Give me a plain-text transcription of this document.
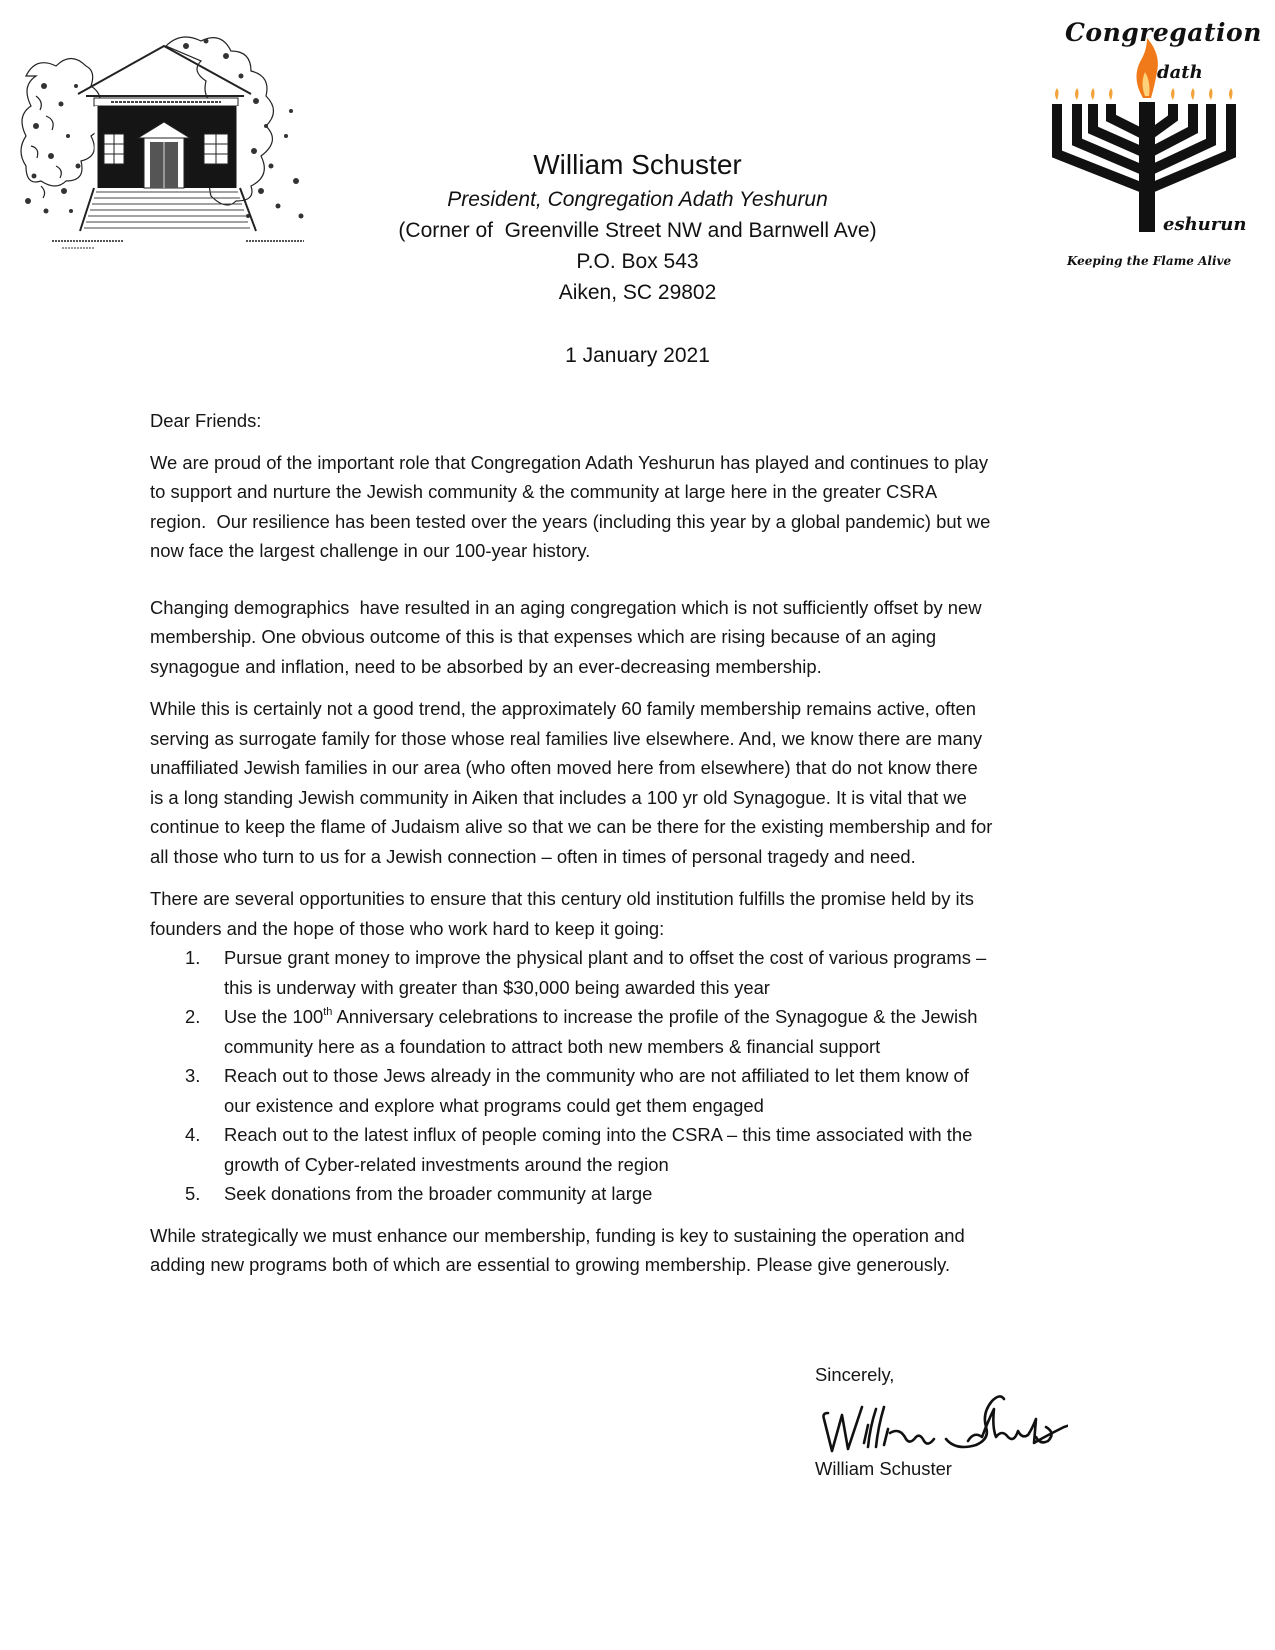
Congregation
dath
eshurun
Keeping the Flame Alive
William Schuster
President, Congregation Adath Yeshurun
(Corner of  Greenville Street NW and Barnwell Ave)
P.O. Box 543
Aiken, SC 29802
1 January 2021
Dear Friends:
We are proud of the important role that Congregation Adath Yeshurun has played and continues to play
to support and nurture the Jewish community & the community at large here in the greater CSRA
region.  Our resilience has been tested over the years (including this year by a global pandemic) but we
now face the largest challenge in our 100-year history.
Changing demographics  have resulted in an aging congregation which is not sufficiently offset by new
membership. One obvious outcome of this is that expenses which are rising because of an aging
synagogue and inflation, need to be absorbed by an ever-decreasing membership.
While this is certainly not a good trend, the approximately 60 family membership remains active, often
serving as surrogate family for those whose real families live elsewhere. And, we know there are many
unaffiliated Jewish families in our area (who often moved here from elsewhere) that do not know there
is a long standing Jewish community in Aiken that includes a 100 yr old Synagogue. It is vital that we
continue to keep the flame of Judaism alive so that we can be there for the existing membership and for
all those who turn to us for a Jewish connection – often in times of personal tragedy and need.
There are several opportunities to ensure that this century old institution fulfills the promise held by its
founders and the hope of those who work hard to keep it going:
1. Pursue grant money to improve the physical plant and to offset the cost of various programs –
this is underway with greater than $30,000 being awarded this year
2. Use the 100th Anniversary celebrations to increase the profile of the Synagogue & the Jewish
community here as a foundation to attract both new members & financial support
3. Reach out to those Jews already in the community who are not affiliated to let them know of
our existence and explore what programs could get them engaged
4. Reach out to the latest influx of people coming into the CSRA – this time associated with the
growth of Cyber-related investments around the region
5. Seek donations from the broader community at large
While strategically we must enhance our membership, funding is key to sustaining the operation and
adding new programs both of which are essential to growing membership. Please give generously.
Sincerely,
William Schuster
